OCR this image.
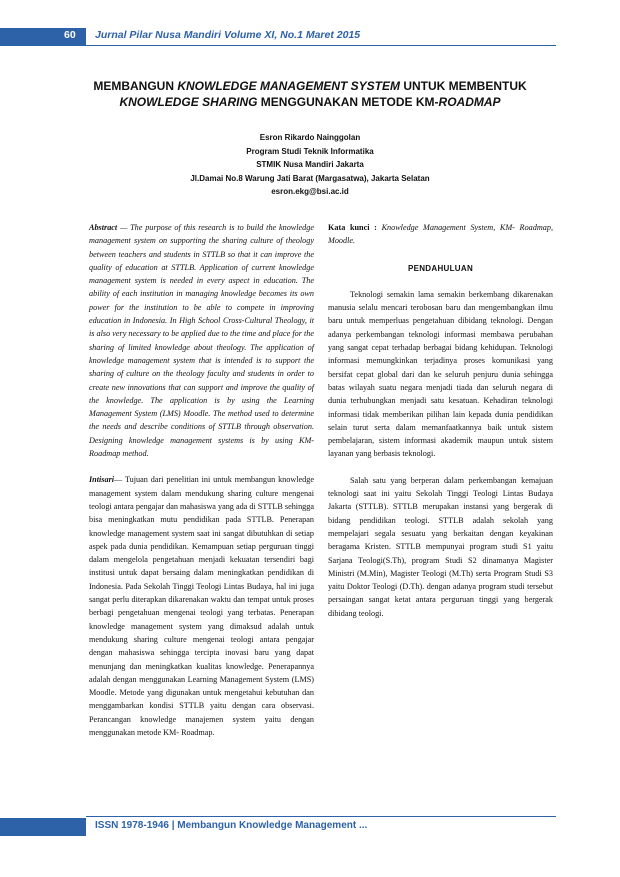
60 Jurnal Pilar Nusa Mandiri Volume XI, No.1 Maret 2015
MEMBANGUN KNOWLEDGE MANAGEMENT SYSTEM UNTUK MEMBENTUK
KNOWLEDGE SHARING MENGGUNAKAN METODE KM-ROADMAP
Esron Rikardo Nainggolan
Program Studi Teknik Informatika
STMIK Nusa Mandiri Jakarta
Jl.Damai No.8 Warung Jati Barat (Margasatwa), Jakarta Selatan
esron.ekg@bsi.ac.id

Abstract — The purpose of this research is to build the knowledge management system on supporting the sharing culture of theology between teachers and students in STTLB so that it can improve the quality of education at STTLB. Application of current knowledge management system is needed in every aspect in education. The ability of each institution in managing knowledge becomes its own power for the institution to be able to compete in improving education in Indonesia. In High School Cross-Cultural Theology, it is also very necessary to be applied due to the time and place for the sharing of limited knowledge about theology. The application of knowledge management system that is intended is to support the sharing of culture on the theology faculty and students in order to create new innovations that can support and improve the quality of the knowledge. The application is by using the Learning Management System (LMS) Moodle. The method used to determine the needs and describe conditions of STTLB through observation. Designing knowledge management systems is by using KM- Roadmap method.

Intisari— Tujuan dari penelitian ini untuk membangun knowledge management system dalam mendukung sharing culture mengenai teologi antara pengajar dan mahasiswa yang ada di STTLB sehingga bisa meningkatkan mutu pendidikan pada STTLB. Penerapan knowledge management system saat ini sangat dibutuhkan di setiap aspek pada dunia pendidikan. Kemampuan setiap perguruan tinggi dalam mengelola pengetahuan menjadi kekuatan tersendiri bagi institusi untuk dapat bersaing dalam meningkatkan pendidikan di Indonesia. Pada Sekolah Tinggi Teologi Lintas Budaya, hal ini juga sangat perlu diterapkan dikarenakan waktu dan tempat untuk proses berbagi pengetahuan mengenai teologi yang terbatas. Penerapan knowledge management system yang dimaksud adalah untuk mendukung sharing culture mengenai teologi antara pengajar dengan mahasiswa sehingga tercipta inovasi baru yang dapat menunjang dan meningkatkan kualitas knowledge. Penerapannya adalah dengan menggunakan Learning Management System (LMS) Moodle. Metode yang digunakan untuk mengetahui kebutuhan dan menggambarkan kondisi STTLB yaitu dengan cara observasi. Perancangan knowledge manajemen system yaitu dengan menggunakan metode KM- Roadmap.

Kata kunci : Knowledge Management System, KM- Roadmap, Moodle.

PENDAHULUAN

Teknologi semakin lama semakin berkembang dikarenakan manusia selalu mencari terobosan baru dan mengembangkan ilmu baru untuk memperluas pengetahuan dibidang teknologi. Dengan adanya perkembangan teknologi informasi membawa perubahan yang sangat cepat terhadap berbagai bidang kehidupan. Teknologi informasi memungkinkan terjadinya proses komunikasi yang bersifat cepat global dari dan ke seluruh penjuru dunia sehingga batas wilayah suatu negara menjadi tiada dan seluruh negara di dunia terhubungkan menjadi satu kesatuan. Kehadiran teknologi informasi tidak memberikan pilihan lain kepada dunia pendidikan selain turut serta dalam memanfaatkannya baik untuk sistem pembelajaran, sistem informasi akademik maupun untuk sistem layanan yang berbasis teknologi.

Salah satu yang berperan dalam perkembangan kemajuan teknologi saat ini yaitu Sekolah Tinggi Teologi Lintas Budaya Jakarta (STTLB). STTLB merupakan instansi yang bergerak di bidang pendidikan teologi. STTLB adalah sekolah yang mempelajari segala sesuatu yang berkaitan dengan keyakinan beragama Kristen. STTLB mempunyai program studi S1 yaitu Sarjana Teologi(S.Th), program Studi S2 dinamanya Magister Ministri (M.Min), Magister Teologi (M.Th) serta Program Studi S3 yaitu Doktor Teologi (D.Th). dengan adanya program studi tersebut persaingan sangat ketat antara perguruan tinggi yang bergerak dibidang teologi.

ISSN 1978-1946 | Membangun Knowledge Management ...
